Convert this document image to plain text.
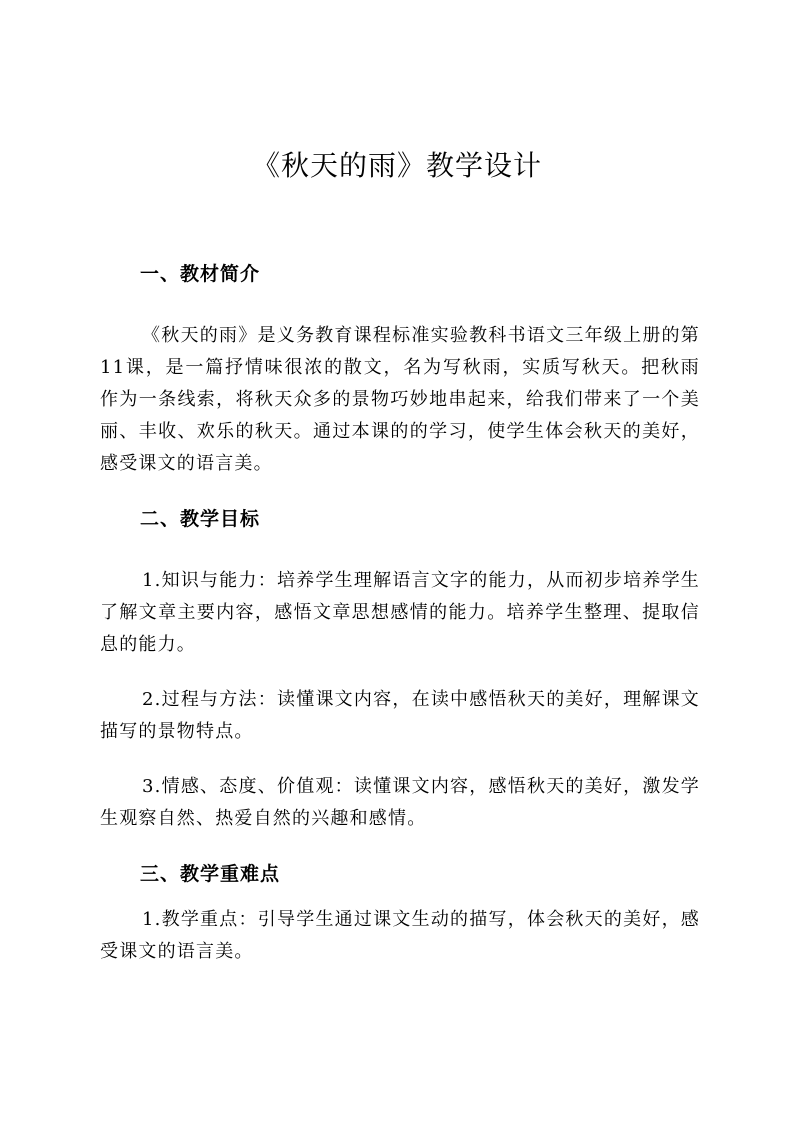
《秋天的雨》教学设计
一、教材简介

《秋天的雨》是义务教育课程标准实验教科书语文三年级上册的第11课，是一篇抒情味很浓的散文，名为写秋雨，实质写秋天。把秋雨作为一条线索，将秋天众多的景物巧妙地串起来，给我们带来了一个美丽、丰收、欢乐的秋天。通过本课的的学习，使学生体会秋天的美好，感受课文的语言美。

二、教学目标

1.知识与能力：培养学生理解语言文字的能力，从而初步培养学生了解文章主要内容，感悟文章思想感情的能力。培养学生整理、提取信息的能力。

2.过程与方法：读懂课文内容，在读中感悟秋天的美好，理解课文描写的景物特点。

3.情感、态度、价值观：读懂课文内容，感悟秋天的美好，激发学生观察自然、热爱自然的兴趣和感情。

三、教学重难点

1.教学重点：引导学生通过课文生动的描写，体会秋天的美好，感受课文的语言美。
